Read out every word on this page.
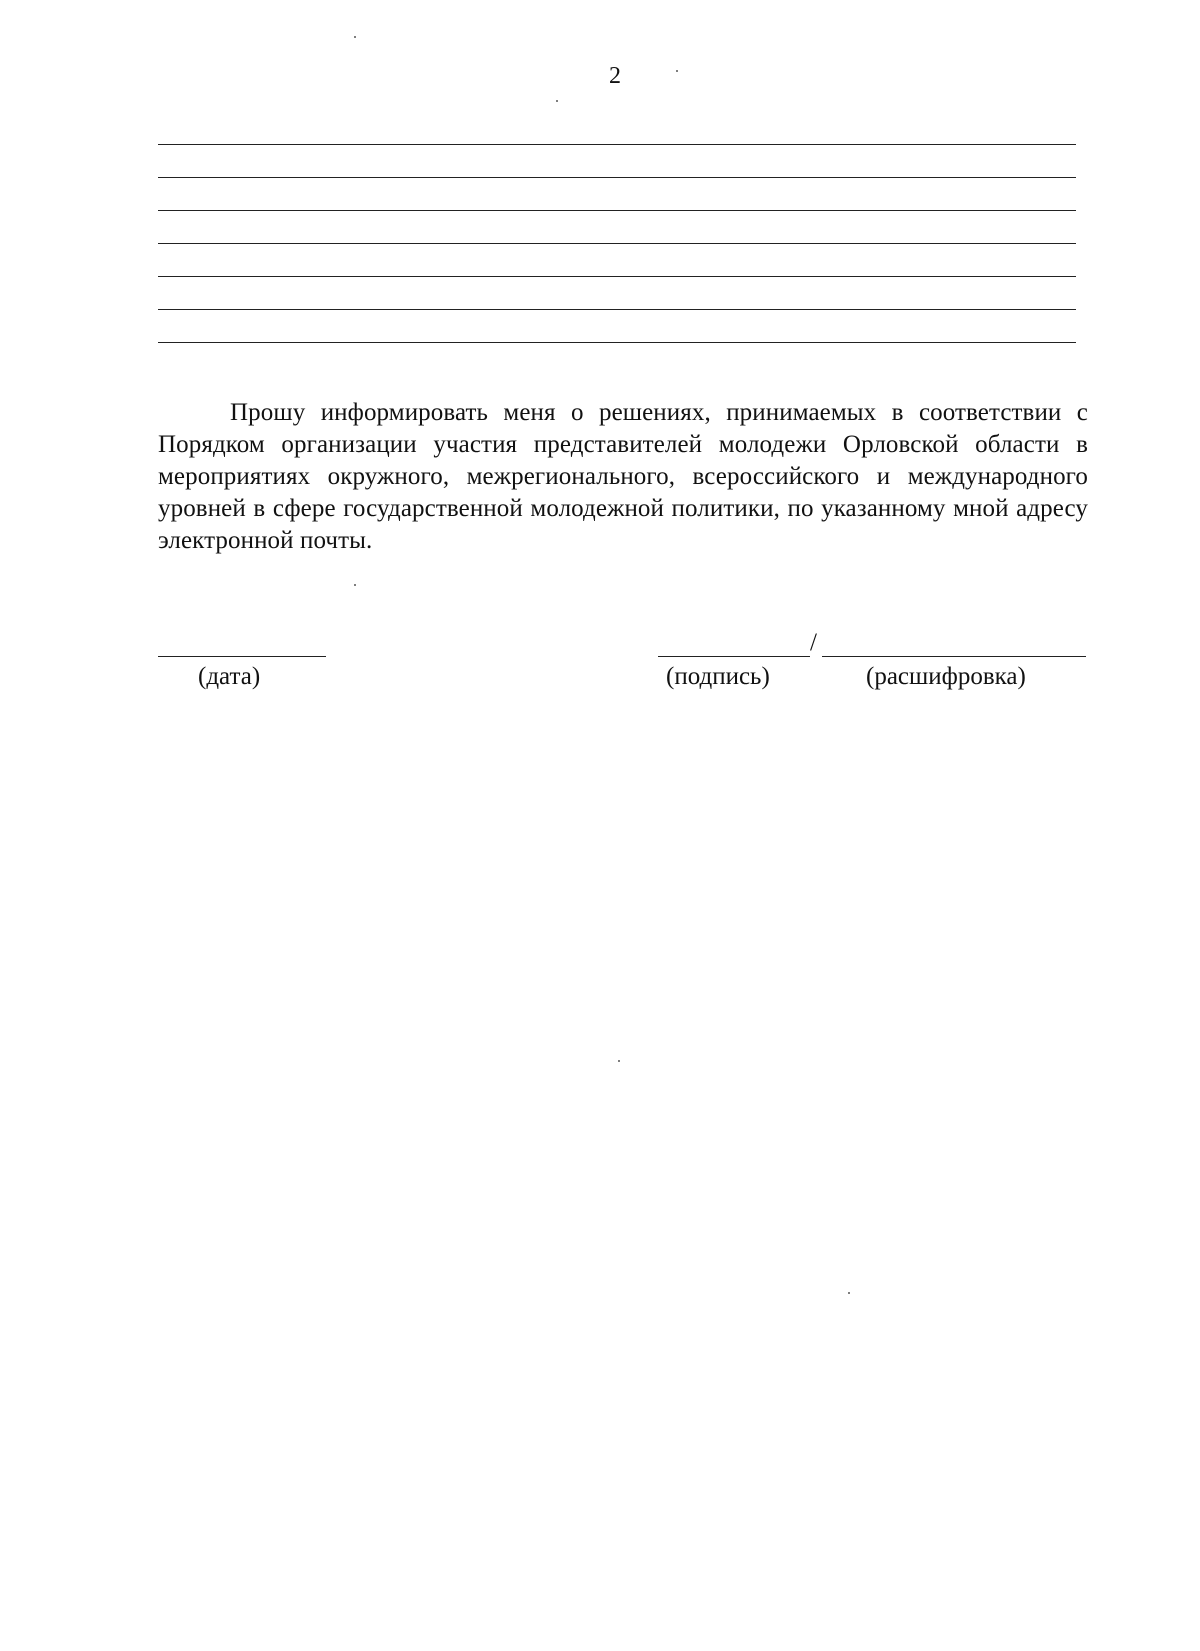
2

Прошу информировать меня о решениях, принимаемых в соответствии с Порядком организации участия представителей молодежи Орловской области в мероприятиях окружного, межрегионального, всероссийского и международного уровней в сфере государственной молодежной политики, по указанному мной адресу электронной почты.

(дата)
/
(подпись)	(расшифровка)
